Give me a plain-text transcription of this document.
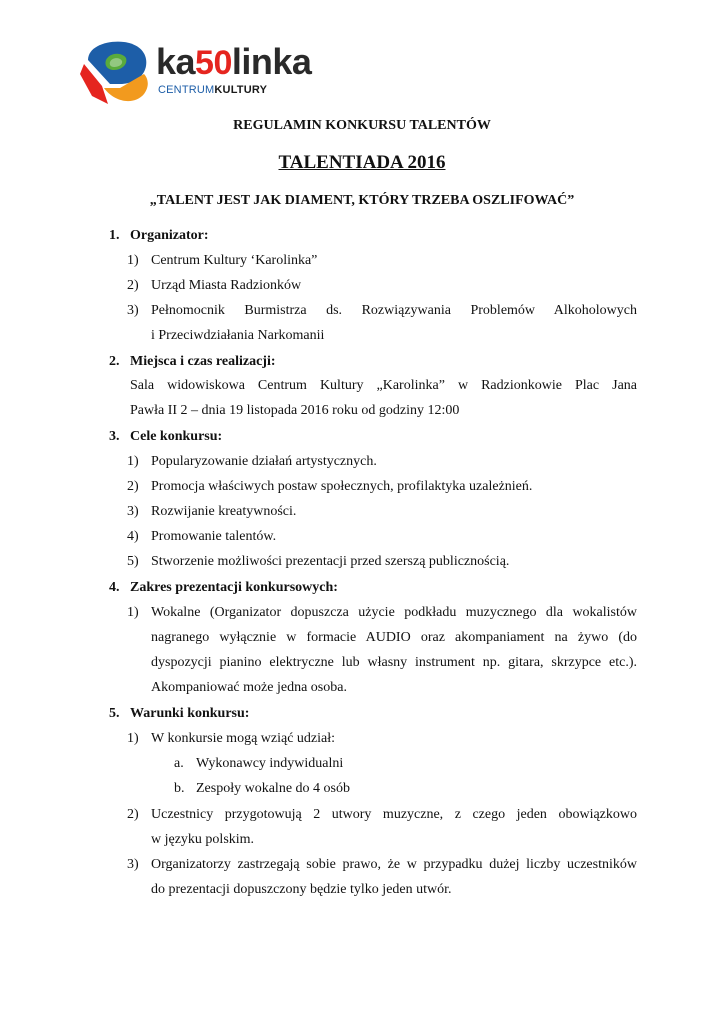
ka50linka
CENTRUMKULTURY
REGULAMIN KONKURSU TALENTÓW
TALENTIADA 2016
„TALENT JEST JAK DIAMENT, KTÓRY TRZEBA OSZLIFOWAĆ”
1. Organizator:
1) Centrum Kultury ‘Karolinka”
2) Urząd Miasta Radzionków
3) Pełnomocnik Burmistrza ds. Rozwiązywania Problemów Alkoholowych
i Przeciwdziałania Narkomanii
2. Miejsca i czas realizacji:
Sala widowiskowa Centrum Kultury „Karolinka” w Radzionkowie Plac Jana
Pawła II 2 – dnia 19 listopada 2016 roku od godziny 12:00
3. Cele konkursu:
1) Popularyzowanie działań artystycznych.
2) Promocja właściwych postaw społecznych, profilaktyka uzależnień.
3) Rozwijanie kreatywności.
4) Promowanie talentów.
5) Stworzenie możliwości prezentacji przed szerszą publicznością.
4. Zakres prezentacji konkursowych:
1) Wokalne (Organizator dopuszcza użycie podkładu muzycznego dla wokalistów
nagranego wyłącznie w formacie AUDIO oraz akompaniament na żywo (do
dyspozycji pianino elektryczne lub własny instrument np. gitara, skrzypce etc.).
Akompaniować może jedna osoba.
5. Warunki konkursu:
1) W konkursie mogą wziąć udział:
a. Wykonawcy indywidualni
b. Zespoły wokalne do 4 osób
2) Uczestnicy przygotowują 2 utwory muzyczne, z czego jeden obowiązkowo
w języku polskim.
3) Organizatorzy zastrzegają sobie prawo, że w przypadku dużej liczby uczestników
do prezentacji dopuszczony będzie tylko jeden utwór.
